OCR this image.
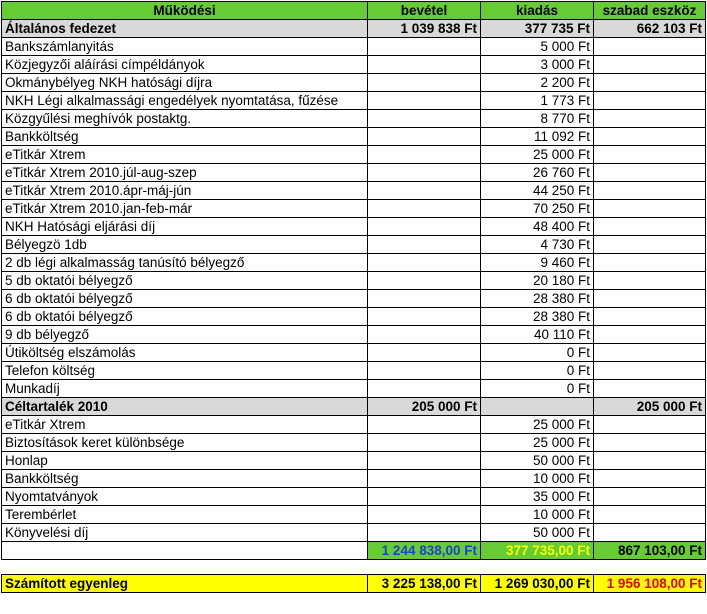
Működési	bevétel	kiadás	szabad eszköz
Általános fedezet	1 039 838 Ft	377 735 Ft	662 103 Ft
Bankszámlanyitás		5 000 Ft	
Közjegyzői aláírási címpéldányok		3 000 Ft	
Okmánybélyeg NKH hatósági díjra		2 200 Ft	
NKH Légi alkalmassági engedélyek nyomtatása, fűzése		1 773 Ft	
Közgyűlési meghívók postaktg.		8 770 Ft	
Bankköltség		11 092 Ft	
eTitkár Xtrem		25 000 Ft	
eTitkár Xtrem 2010.júl-aug-szep		26 760 Ft	
eTitkár Xtrem 2010.ápr-máj-jún		44 250 Ft	
eTitkár Xtrem 2010.jan-feb-már		70 250 Ft	
NKH Hatósági eljárási díj		48 400 Ft	
Bélyegzö 1db		4 730 Ft	
2 db légi alkalmasság tanúsító bélyegző		9 460 Ft	
5 db oktatói bélyegző		20 180 Ft	
6 db oktatói bélyegző		28 380 Ft	
6 db oktatói bélyegző		28 380 Ft	
9 db bélyegző		40 110 Ft	
Útiköltség elszámolás		0 Ft	
Telefon költség		0 Ft	
Munkadíj		0 Ft	
Céltartalék 2010	205 000 Ft		205 000 Ft
eTitkár Xtrem		25 000 Ft	
Biztosítások keret különbsége		25 000 Ft	
Honlap		50 000 Ft	
Bankköltség		10 000 Ft	
Nyomtatványok		35 000 Ft	
Terembérlet		10 000 Ft	
Könyvelési díj		50 000 Ft	
	1 244 838,00 Ft	377 735,00 Ft	867 103,00 Ft

Számított egyenleg	3 225 138,00 Ft	1 269 030,00 Ft	1 956 108,00 Ft
